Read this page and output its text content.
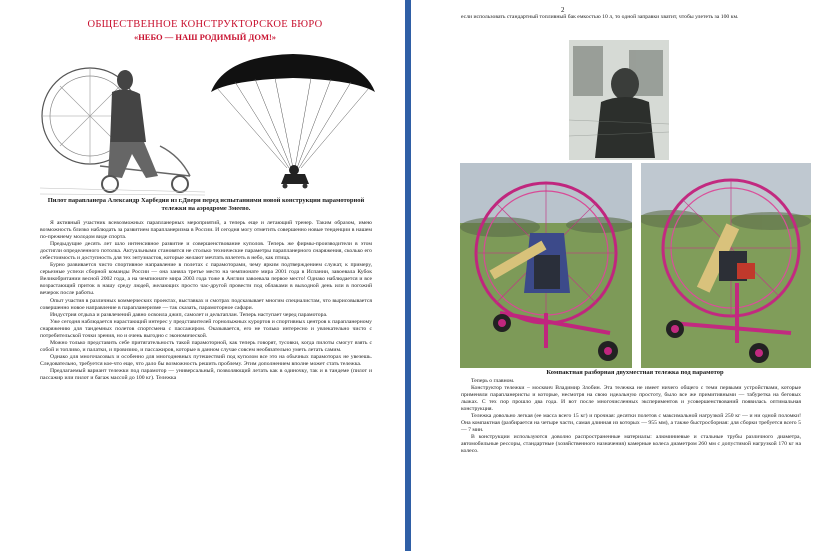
ОБЩЕСТВЕННОЕ КОНСТРУКТОРСКОЕ БЮРО
«НЕБО — НАШ РОДИМЫЙ ДОМ!»
Пилот парапланера Александр Харбедия из г.Двери перед испытаниями новой конструкции парамоторной тележки на аэродроме Змеево.

Я активный участник всевозможных парапланерных мероприятий, а теперь еще и летающий тренер. Таким образом, имею возможность близко наблюдать за развитием парапланеризма в России. И сегодня могу отметить совершенно новые тенденции в нашем по-прежнему молодом виде спорта.

Предыдущие десять лет шло интенсивное развитие и совершенствование куполов. Теперь же фирмы-производители в этом достигли определенного потолка. Актуальными становятся не столько технические параметры парапланерного снаряжения, сколько его себестоимость и доступность для тех энтузиастов, которые желают мечтать взлететь в небо, как птица.

Бурно развивается чисто спортивное направление в полетах с парамоторами, чему ярким подтверждением служат, к примеру, серьезные успехи сборной команды России — она заняла третье место на чемпионате мира 2001 года в Испании, завоевала Кубок Великобритании весной 2002 года, а на чемпионате мира 2003 года тоже в Англии завоевала первое место! Однако наблюдается и все возрастающий приток в нашу среду людей, желающих просто час-другой провести под облаками в выходной день или в погожий вечерок после работы.

Опыт участия в различных коммерческих проектах, выставках и смотрах подсказывает многим специалистам, что вырисовывается совершенно новое направление в парапланеризме — так сказать, парамоторное сафари.

Индустрия отдыха и развлечений давно освоила джип, самолет и дельтаплан. Теперь наступает черед парамотора.

Уже сегодня наблюдается нарастающий интерес у представителей горнолыжных курортов и спортивных центров к парапланерному снаряжению для тандемных полетов спортсмена с пассажиром. Оказывается, его не только интересно и увлекательно чисто с потребительской точки зрения, но и очень выгодно с экономической.

Можно только представить себе притягательность такой парамоторной, как теперь говорят, тусовки, когда пилоты смогут взять с собой и топливо, и палатки, и провизию, и пассажиров, которые в данном случае совсем необязательно уметь летать самим.

Однако для многочасовых и особенно для многодневных путешествий под куполом все это на обычных парамоторах не увезешь. Следовательно, требуется кое-что еще, что дало бы возможность решить проблему. Этим дополнением вполне может стать тележка.

Предлагаемый вариант тележки под парамотор — универсальный, позволяющий летать как в одиночку, так и в тандеме (пилот и пассажир или пилот и багаж массой до 100 кг). Тележка

2
если использовать стандартный топливный бак емкостью 10 л, то одной заправки хватит, чтобы улететь за 100 км.
Компактная разборная двухместная тележка под парамотор

Теперь о главном.

Конструктор тележки – москвич Владимир Злобин. Эта тележка не имеет ничего общего с теми первыми устройствами, которые применяли парапланеристы и которые, несмотря на свою идеальную простоту, было все же примитивными — табуретка на беговых лыжах. С тех пор прошло два года. И вот после многочисленных экспериментов и усовершенствований появилась оптимальная конструкция.

Тележка довольно легкая (ее масса всего 15 кг) и прочная: десятки полетов с максимальной нагрузкой 250 кг — и ни одной поломки! Она компактная (разбирается на четыре части, самая длинная из которых — 955 мм), а также быстросборная: для сборки требуется всего 5 — 7 мин.

В конструкции используются доволно распространенные материалы: алюминиевые и стальные трубы различного диаметра, автомобильные рессоры, стандартные (хозяйственного назначения) камерные колеса диаметром 260 мм с допустимой нагрузкой 170 кг на колесо.
